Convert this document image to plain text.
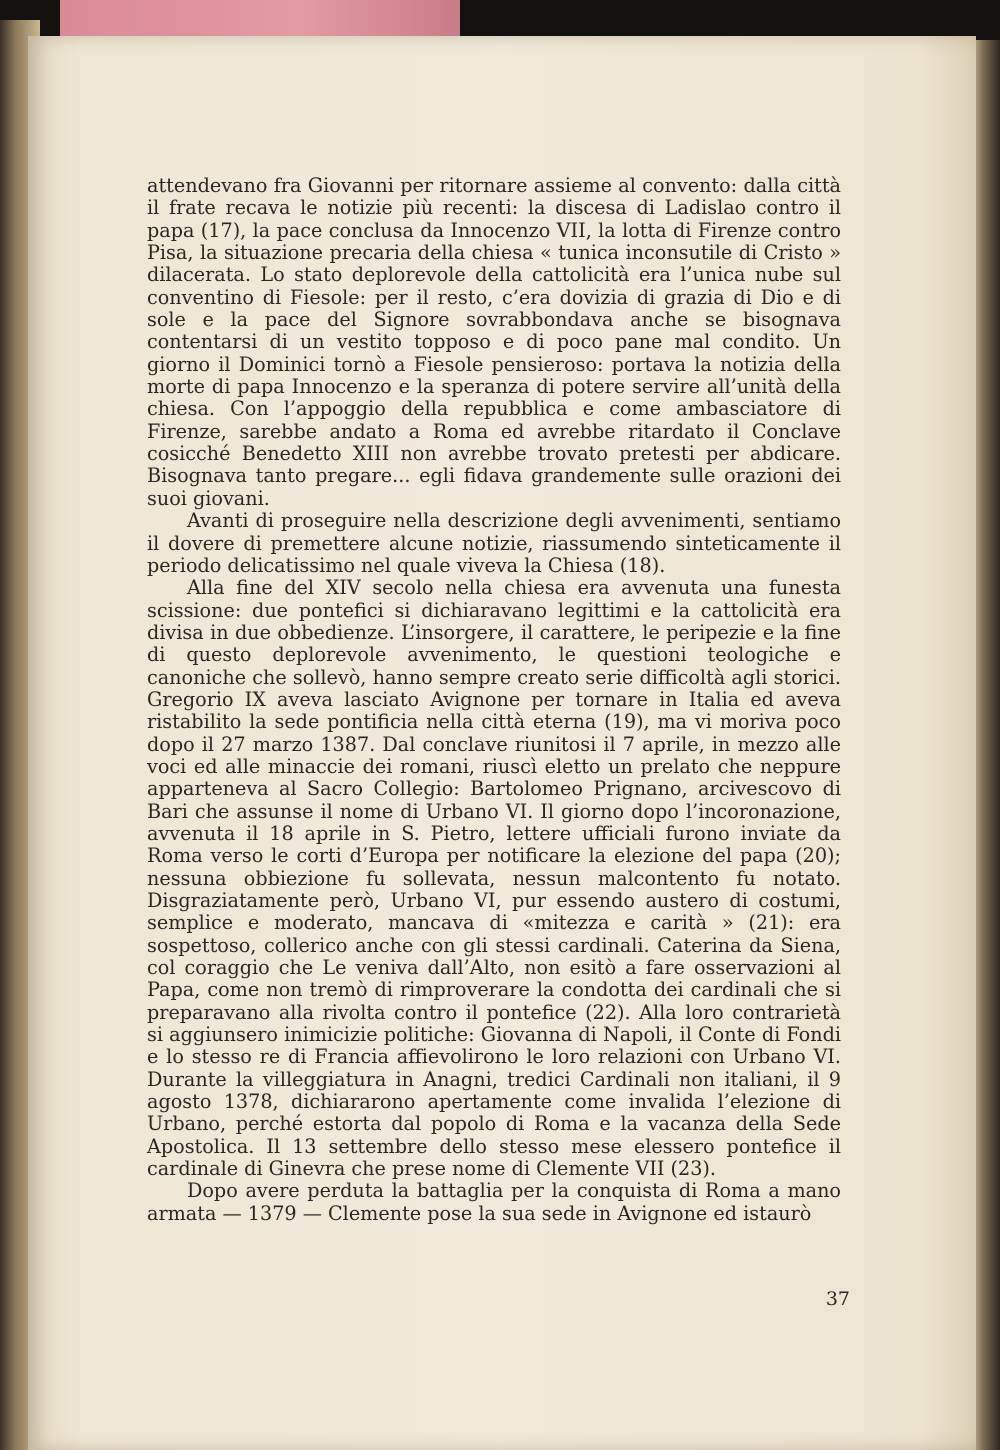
attendevano fra Giovanni per ritornare assieme al convento: dalla città il frate recava le notizie più recenti: la discesa di Ladislao contro il papa (17), la pace conclusa da Innocenzo VII, la lotta di Firenze contro Pisa, la situazione precaria della chiesa « tunica inconsutile di Cristo » dilacerata. Lo stato deplorevole della cattolicità era l’unica nube sul conventino di Fiesole: per il resto, c’era dovizia di grazia di Dio e di sole e la pace del Signore sovrabbondava anche se bisognava contentarsi di un vestito topposo e di poco pane mal condito. Un giorno il Dominici tornò a Fiesole pensieroso: portava la notizia della morte di papa Innocenzo e la speranza di potere servire all’unità della chiesa. Con l’appoggio della repubblica e come ambasciatore di Firenze, sarebbe andato a Roma ed avrebbe ritardato il Conclave cosicché Benedetto XIII non avrebbe trovato pretesti per abdicare. Bisognava tanto pregare... egli fidava grandemente sulle orazioni dei suoi giovani.

Avanti di proseguire nella descrizione degli avvenimenti, sentiamo il dovere di premettere alcune notizie, riassumendo sinteticamente il periodo delicatissimo nel quale viveva la Chiesa (18).

Alla fine del XIV secolo nella chiesa era avvenuta una funesta scissione: due pontefici si dichiaravano legittimi e la cattolicità era divisa in due obbedienze. L’insorgere, il carattere, le peripezie e la fine di questo deplorevole avvenimento, le questioni teologiche e canoniche che sollevò, hanno sempre creato serie difficoltà agli storici. Gregorio IX aveva lasciato Avignone per tornare in Italia ed aveva ristabilito la sede pontificia nella città eterna (19), ma vi moriva poco dopo il 27 marzo 1387. Dal conclave riunitosi il 7 aprile, in mezzo alle voci ed alle minaccie dei romani, riuscì eletto un prelato che neppure apparteneva al Sacro Collegio: Bartolomeo Prignano, arcivescovo di Bari che assunse il nome di Urbano VI. Il giorno dopo l’incoronazione, avvenuta il 18 aprile in S. Pietro, lettere ufficiali furono inviate da Roma verso le corti d’Europa per notificare la elezione del papa (20); nessuna obbiezione fu sollevata, nessun malcontento fu notato. Disgraziatamente però, Urbano VI, pur essendo austero di costumi, semplice e moderato, mancava di «mitezza e carità » (21): era sospettoso, collerico anche con gli stessi cardinali. Caterina da Siena, col coraggio che Le veniva dall’Alto, non esitò a fare osservazioni al Papa, come non tremò di rimproverare la condotta dei cardinali che si preparavano alla rivolta contro il pontefice (22). Alla loro contrarietà si aggiunsero inimicizie politiche: Giovanna di Napoli, il Conte di Fondi e lo stesso re di Francia affievolirono le loro relazioni con Urbano VI. Durante la villeggiatura in Anagni, tredici Cardinali non italiani, il 9 agosto 1378, dichiararono apertamente come invalida l’elezione di Urbano, perché estorta dal popolo di Roma e la vacanza della Sede Apostolica. Il 13 settembre dello stesso mese elessero pontefice il cardinale di Ginevra che prese nome di Clemente VII (23).

Dopo avere perduta la battaglia per la conquista di Roma a mano armata — 1379 — Clemente pose la sua sede in Avignone ed istaurò

37
